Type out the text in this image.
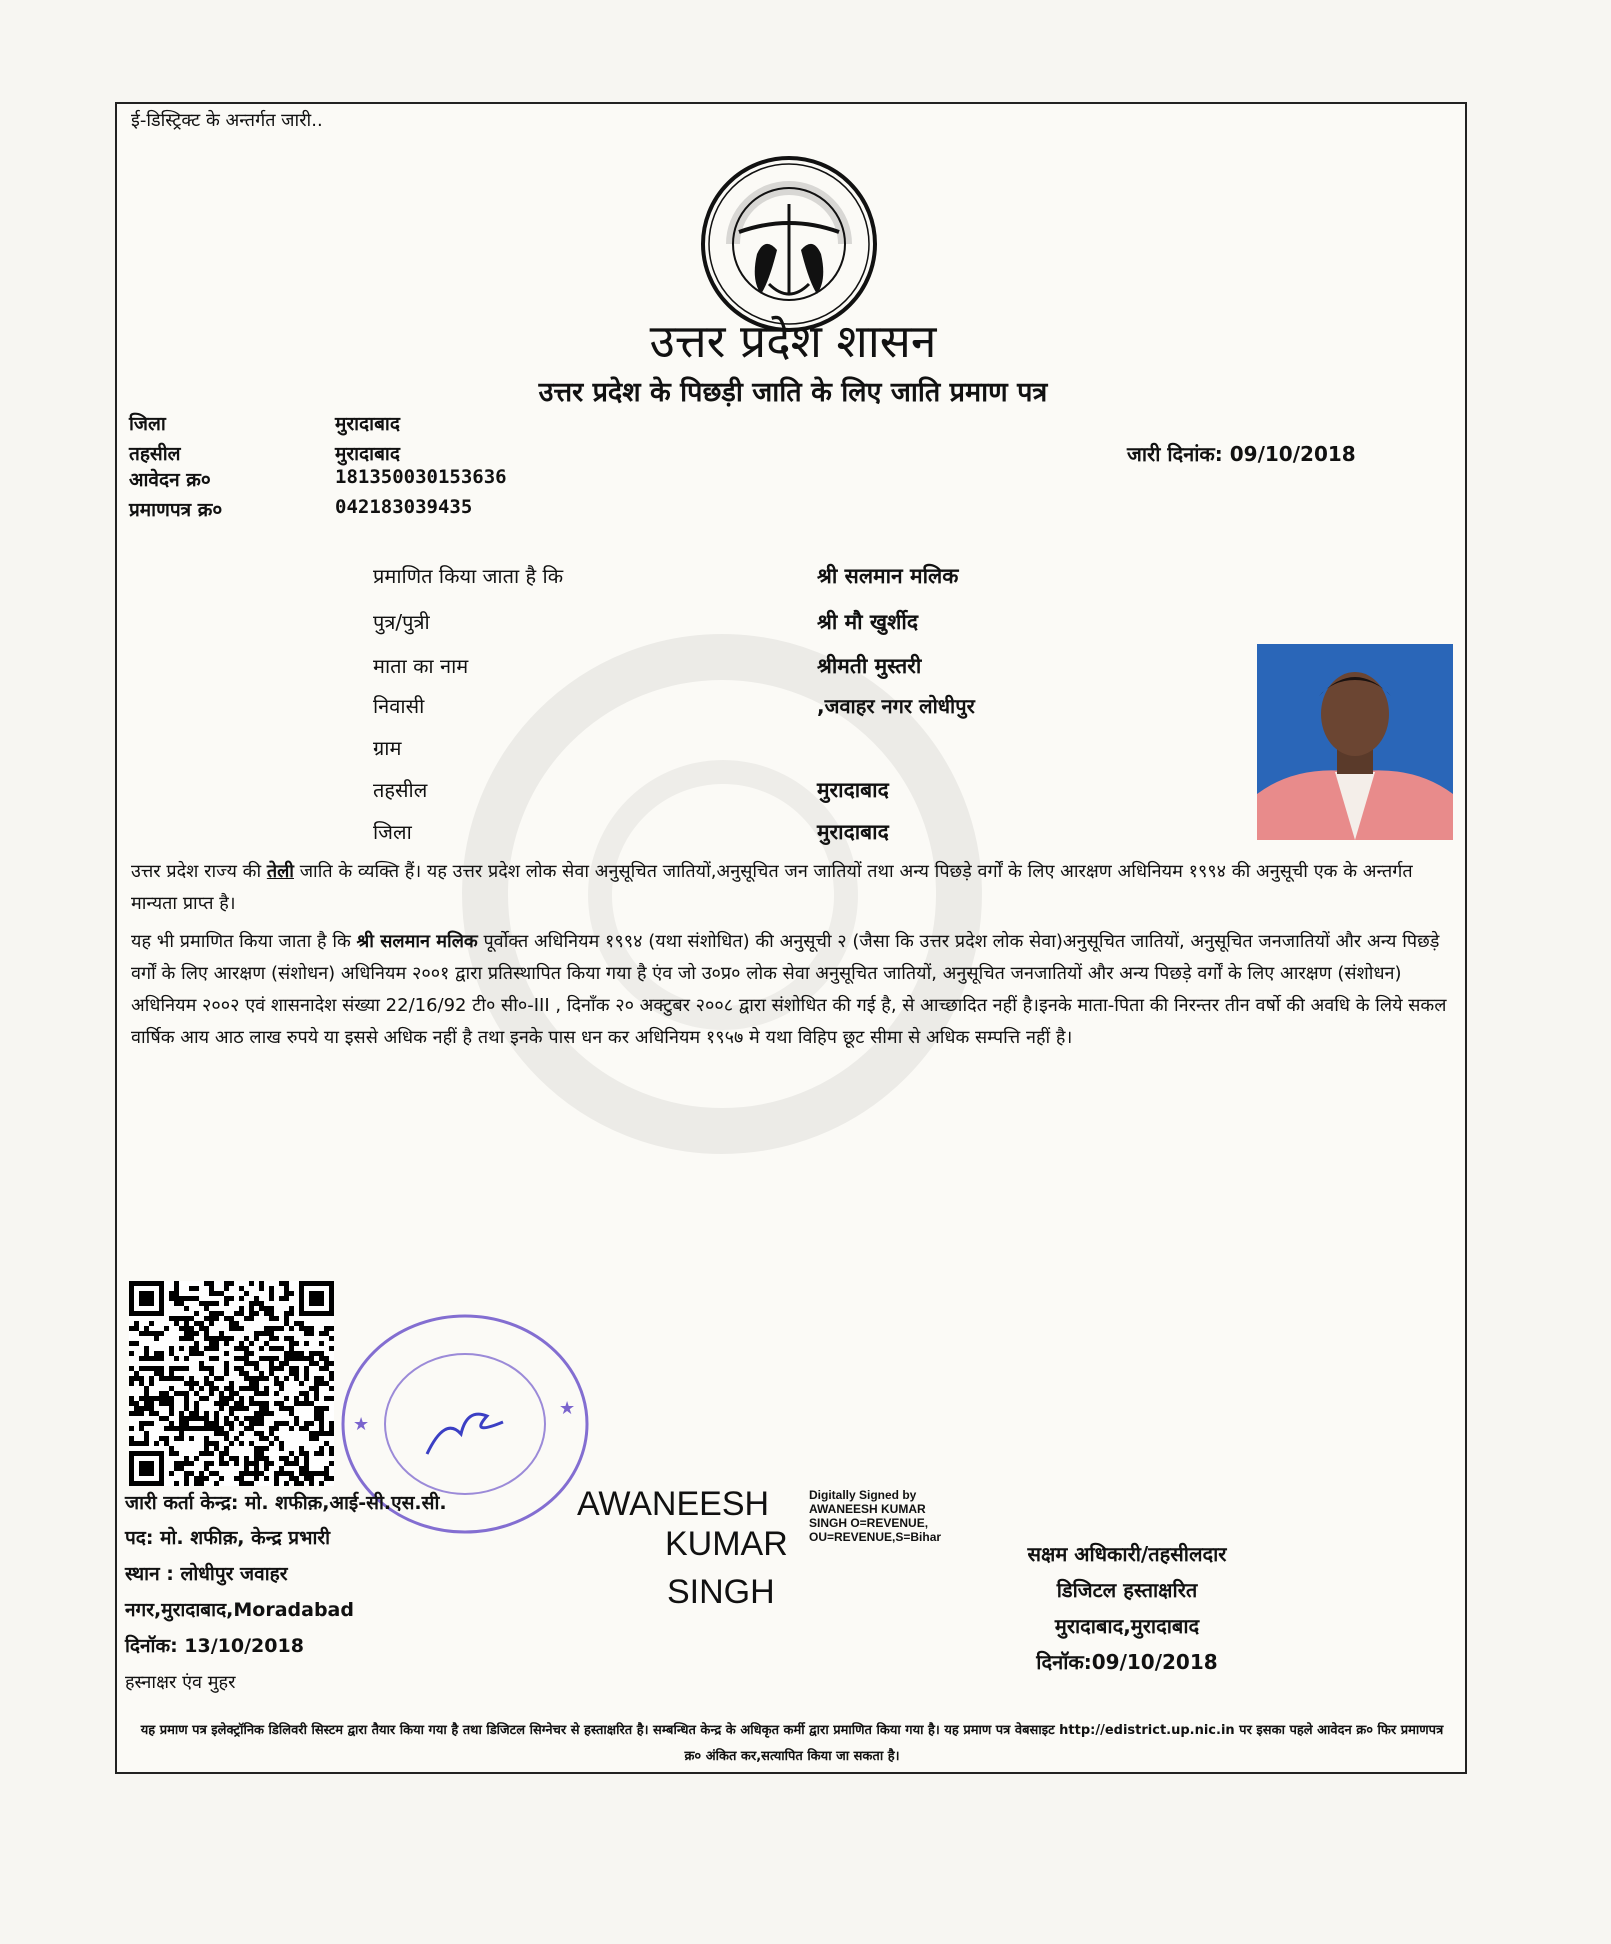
ई-डिस्ट्रिक्ट के अन्तर्गत जारी..
उत्तर प्रदेश शासन
उत्तर प्रदेश के पिछड़ी जाति के लिए जाति प्रमाण पत्र
जिला	मुरादाबाद
तहसील	मुरादाबाद
आवेदन क्र०	181350030153636
प्रमाणपत्र क्र०	042183039435
जारी दिनांक: 09/10/2018
प्रमाणित किया जाता है कि	श्री सलमान मलिक
पुत्र/पुत्री	श्री मौ खुर्शीद
माता का नाम	श्रीमती मुस्तरी
निवासी	,जवाहर नगर लोधीपुर
ग्राम
तहसील	मुरादाबाद
जिला	मुरादाबाद
उत्तर प्रदेश राज्य की तेली जाति के व्यक्ति हैं। यह उत्तर प्रदेश लोक सेवा अनुसूचित जातियों,अनुसूचित जन जातियों तथा अन्य पिछड़े वर्गों के लिए आरक्षण अधिनियम १९९४ की अनुसूची एक के अन्तर्गत मान्यता प्राप्त है।
यह भी प्रमाणित किया जाता है कि श्री सलमान मलिक पूर्वोक्त अधिनियम १९९४ (यथा संशोधित) की अनुसूची २ (जैसा कि उत्तर प्रदेश लोक सेवा)अनुसूचित जातियों, अनुसूचित जनजातियों और अन्य पिछड़े वर्गों के लिए आरक्षण (संशोधन) अधिनियम २००१ द्वारा प्रतिस्थापित किया गया है एंव जो उ०प्र० लोक सेवा अनुसूचित जातियों, अनुसूचित जनजातियों और अन्य पिछड़े वर्गों के लिए आरक्षण (संशोधन) अधिनियम २००२ एवं शासनादेश संख्या 22/16/92 टी० सी०-III , दिनाँक २० अक्टुबर २००८ द्वारा संशोधित की गई है, से आच्छादित नहीं है।इनके माता-पिता की निरन्तर तीन वर्षो की अवधि के लिये सकल वार्षिक आय आठ लाख रुपये या इससे अधिक नहीं है तथा इनके पास धन कर अधिनियम १९५७ मे यथा विहिप छूट सीमा से अधिक सम्पत्ति नहीं है।
★
★
जारी कर्ता केन्द्र: मो. शफीक़,आई-सी.एस.सी.
पद: मो. शफीक़, केन्द्र प्रभारी
स्थान : लोधीपुर जवाहर
नगर,मुरादाबाद,Moradabad
दिनॉक: 13/10/2018
हस्नाक्षर एंव मुहर
AWANEESH
KUMAR
SINGH
Digitally Signed by
AWANEESH KUMAR
SINGH O=REVENUE,
OU=REVENUE,S=Bihar
सक्षम अधिकारी/तहसीलदार
डिजिटल हस्ताक्षरित
मुरादाबाद,मुरादाबाद
दिनॉक:09/10/2018
यह प्रमाण पत्र इलेक्ट्रॉनिक डिलिवरी सिस्टम द्वारा तैयार किया गया है तथा डिजिटल सिग्नेचर से हस्ताक्षरित है। सम्बन्धित केन्द्र के अधिकृत कर्मी द्वारा प्रमाणित किया गया है। यह प्रमाण पत्र वेबसाइट http://edistrict.up.nic.in पर इसका पहले आवेदन क्र० फिर प्रमाणपत्र क्र० अंकित कर,सत्यापित किया जा सकता है।
